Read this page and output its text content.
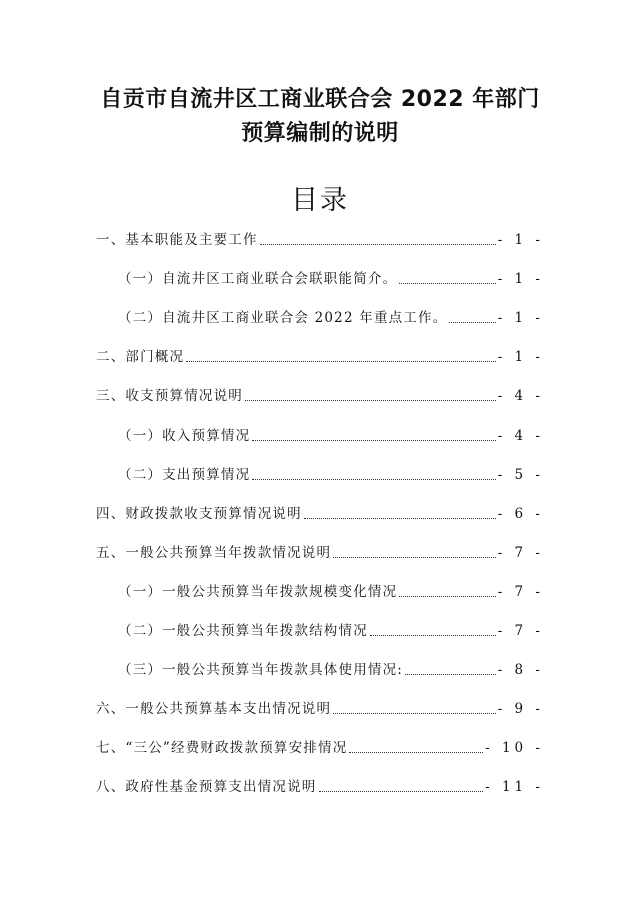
自贡市自流井区工商业联合会 2022 年部门
预算编制的说明
目录
一、基本职能及主要工作	- 1 -
（一）自流井区工商业联合会联职能简介。	- 1 -
（二）自流井区工商业联合会 2022 年重点工作。	- 1 -
二、部门概况	- 1 -
三、收支预算情况说明	- 4 -
（一）收入预算情况	- 4 -
（二）支出预算情况	- 5 -
四、财政拨款收支预算情况说明	- 6 -
五、一般公共预算当年拨款情况说明	- 7 -
（一）一般公共预算当年拨款规模变化情况	- 7 -
（二）一般公共预算当年拨款结构情况	- 7 -
（三）一般公共预算当年拨款具体使用情况:	- 8 -
六、一般公共预算基本支出情况说明	- 9 -
七、“三公”经费财政拨款预算安排情况	- 10 -
八、政府性基金预算支出情况说明	- 11 -
